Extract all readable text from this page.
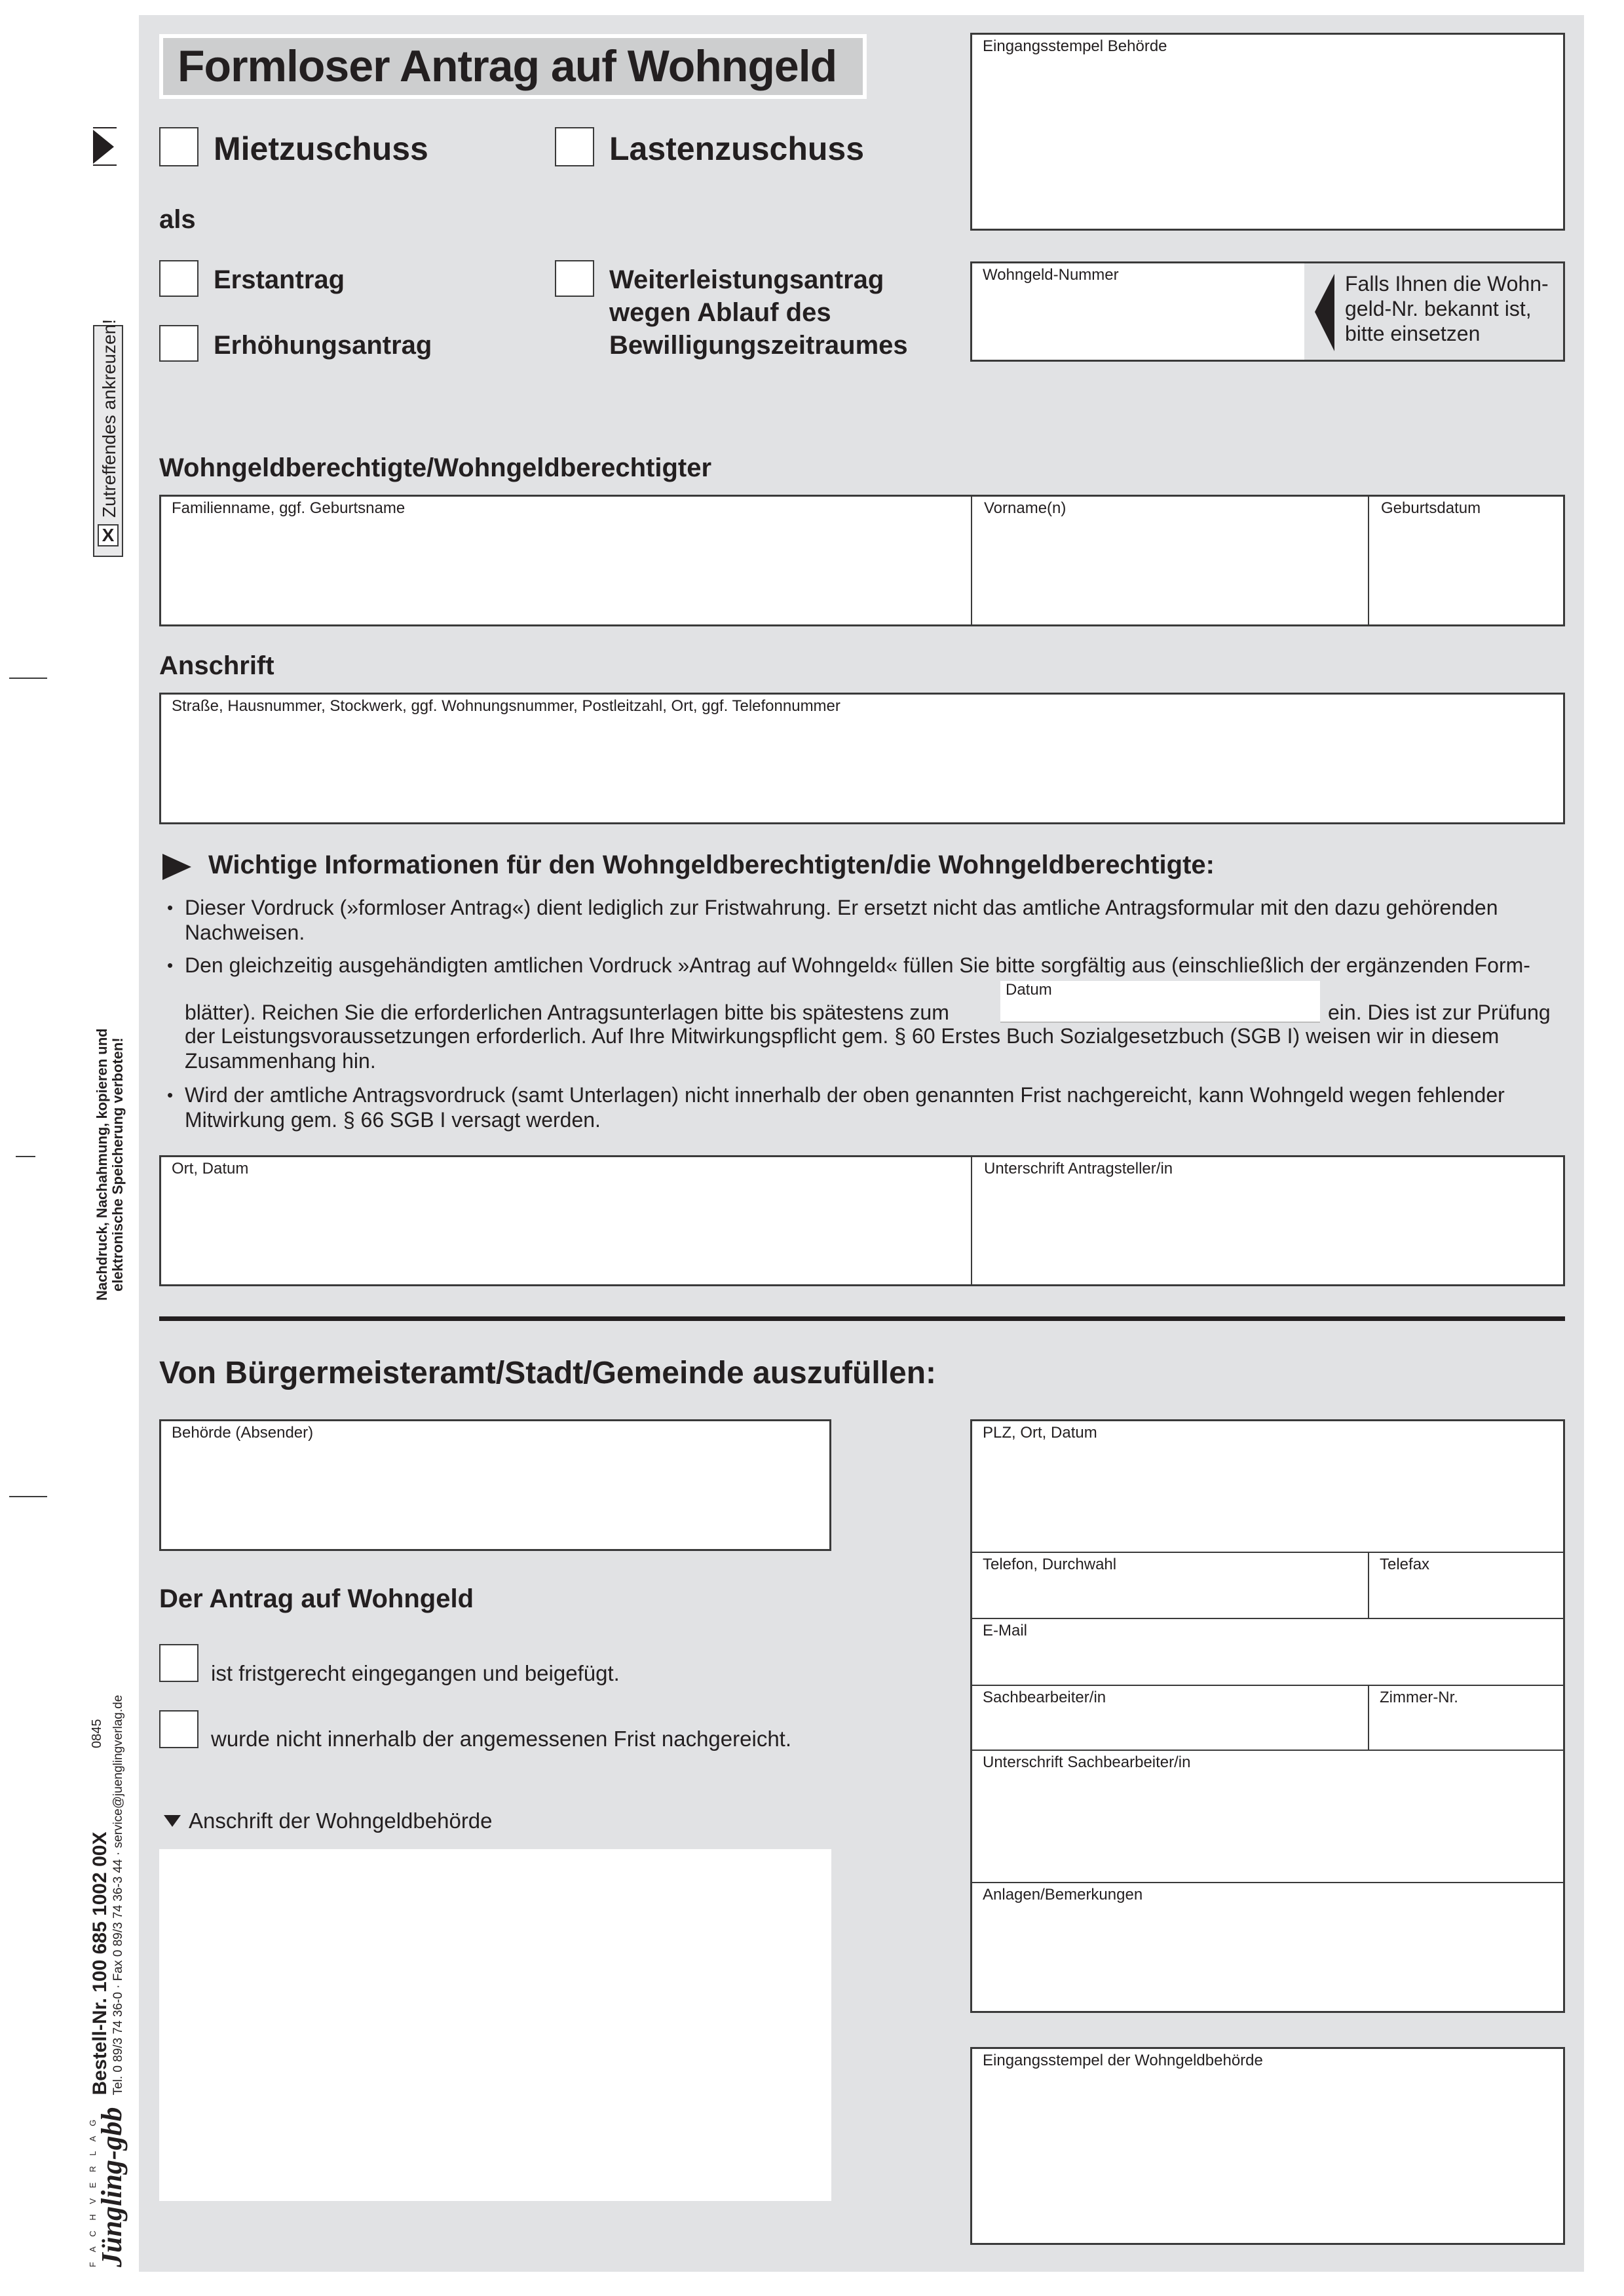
X
Zutreffendes ankreuzen!
Nachdruck, Nachahmung, kopieren und elektronische Speicherung verboten!
F A C H V E R L A G
Jüngling-gbb
Bestell-Nr. 100 685 1002 00X Tel. 0 89/3 74 36-0 · Fax 0 89/3 74 36-3 44 · service@juenglingverlag.de
0845
Formloser Antrag auf Wohngeld	Eingangsstempel Behörde
Mietzuschuss	Lastenzuschuss
als
Erstantrag
Erhöhungsantrag
Weiterleistungsantrag
wegen Ablauf des
Bewilligungszeitraumes
Wohngeld-Nummer	Falls Ihnen die Wohn-
geld-Nr. bekannt ist,
bitte einsetzen
Wohngeldberechtigte/Wohngeldberechtigter
Familienname, ggf. Geburtsname	Vorname(n)	Geburtsdatum
Anschrift
Straße, Hausnummer, Stockwerk, ggf. Wohnungsnummer, Postleitzahl, Ort, ggf. Telefonnummer
Wichtige Informationen für den Wohngeldberechtigten/die Wohngeldberechtigte:
• Dieser Vordruck (»formloser Antrag«) dient lediglich zur Fristwahrung. Er ersetzt nicht das amtliche Antragsformular mit den dazu gehörenden Nachweisen.
• Den gleichzeitig ausgehändigten amtlichen Vordruck »Antrag auf Wohngeld« füllen Sie bitte sorgfältig aus (einschließlich der ergänzenden Form-
blätter). Reichen Sie die erforderlichen Antragsunterlagen bitte bis spätestens zum
Datum
ein. Dies ist zur Prüfung
der Leistungsvoraussetzungen erforderlich. Auf Ihre Mitwirkungspflicht gem. § 60 Erstes Buch Sozialgesetzbuch (SGB I) weisen wir in diesem Zusammenhang hin.
• Wird der amtliche Antragsvordruck (samt Unterlagen) nicht innerhalb der oben genannten Frist nachgereicht, kann Wohngeld wegen fehlender Mitwirkung gem. § 66 SGB I versagt werden.
Ort, Datum	Unterschrift Antragsteller/in
Von Bürgermeisteramt/Stadt/Gemeinde auszufüllen:
Behörde (Absender)
Der Antrag auf Wohngeld
ist fristgerecht eingegangen und beigefügt.
wurde nicht innerhalb der angemessenen Frist nachgereicht.
Anschrift der Wohngeldbehörde
PLZ, Ort, Datum
Telefon, Durchwahl	Telefax
E-Mail
Sachbearbeiter/in	Zimmer-Nr.
Unterschrift Sachbearbeiter/in
Anlagen/Bemerkungen
Eingangsstempel der Wohngeldbehörde
